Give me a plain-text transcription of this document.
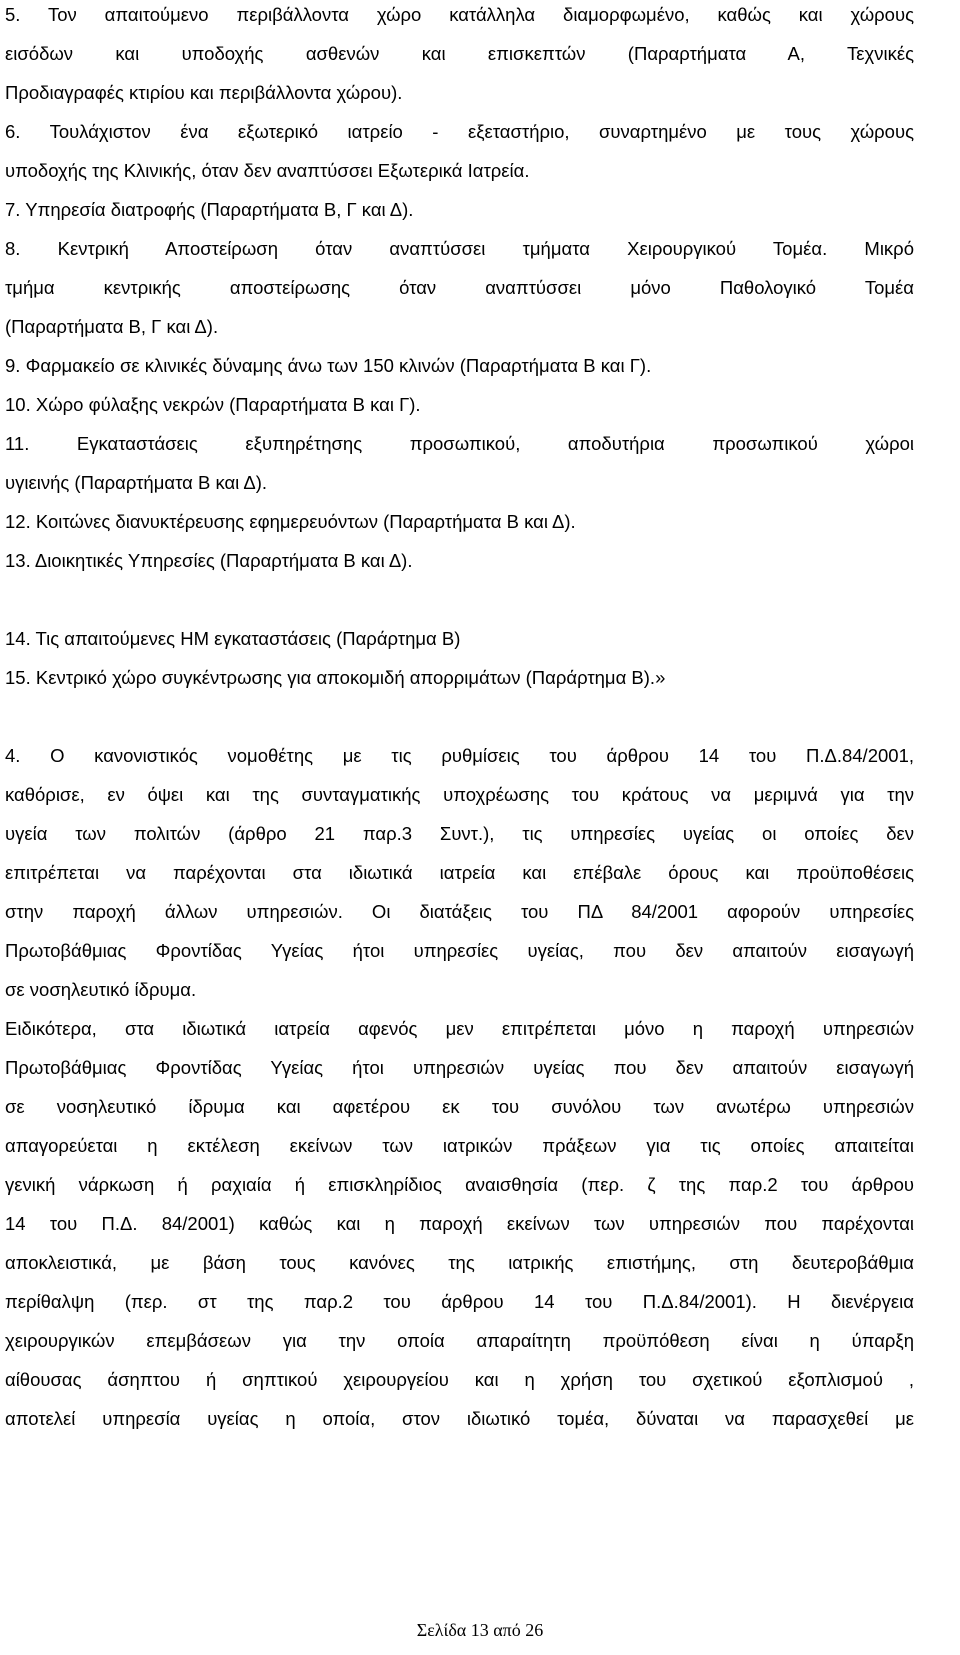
5. Τον απαιτούμενο περιβάλλοντα χώρο κατάλληλα διαμορφωμένο, καθώς και χώρους
εισόδων και υποδοχής ασθενών και επισκεπτών (Παραρτήματα Α, Τεχνικές
Προδιαγραφές κτιρίου και περιβάλλοντα χώρου).
6. Τουλάχιστον ένα εξωτερικό ιατρείο - εξεταστήριο, συναρτημένο με τους χώρους
υποδοχής της Κλινικής, όταν δεν αναπτύσσει Εξωτερικά Ιατρεία.
7. Υπηρεσία διατροφής (Παραρτήματα Β, Γ και Δ).
8. Κεντρική Αποστείρωση όταν αναπτύσσει τμήματα Χειρουργικού Τομέα. Μικρό
τμήμα κεντρικής αποστείρωσης όταν αναπτύσσει μόνο Παθολογικό Τομέα
(Παραρτήματα Β, Γ και Δ).
9. Φαρμακείο σε κλινικές δύναμης άνω των 150 κλινών (Παραρτήματα Β και Γ).
10. Χώρο φύλαξης νεκρών (Παραρτήματα Β και Γ).
11. Εγκαταστάσεις εξυπηρέτησης προσωπικού, αποδυτήρια προσωπικού χώροι
υγιεινής (Παραρτήματα Β και Δ).
12. Κοιτώνες διανυκτέρευσης εφημερευόντων (Παραρτήματα Β και Δ).
13. Διοικητικές Υπηρεσίες (Παραρτήματα Β και Δ).
14. Τις απαιτούμενες ΗΜ εγκαταστάσεις (Παράρτημα Β)
15. Κεντρικό χώρο συγκέντρωσης για αποκομιδή απορριμάτων (Παράρτημα Β).»
4. Ο κανονιστικός νομοθέτης με τις ρυθμίσεις του άρθρου 14 του Π.Δ.84/2001,
καθόρισε, εν όψει και της συνταγματικής υποχρέωσης του κράτους να μεριμνά για την
υγεία των πολιτών (άρθρο 21 παρ.3 Συντ.), τις υπηρεσίες υγείας οι οποίες δεν
επιτρέπεται να παρέχονται στα ιδιωτικά ιατρεία και επέβαλε όρους και προϋποθέσεις
στην παροχή άλλων υπηρεσιών. Οι διατάξεις του ΠΔ 84/2001 αφορούν υπηρεσίες
Πρωτοβάθμιας Φροντίδας Υγείας ήτοι υπηρεσίες υγείας, που δεν απαιτούν εισαγωγή
σε νοσηλευτικό ίδρυμα.
Ειδικότερα, στα ιδιωτικά ιατρεία αφενός μεν επιτρέπεται μόνο η παροχή υπηρεσιών
Πρωτοβάθμιας Φροντίδας Υγείας ήτοι υπηρεσιών υγείας που δεν απαιτούν εισαγωγή
σε νοσηλευτικό ίδρυμα και αφετέρου εκ του συνόλου των ανωτέρω υπηρεσιών
απαγορεύεται η εκτέλεση εκείνων των ιατρικών πράξεων για τις οποίες απαιτείται
γενική νάρκωση ή ραχιαία ή επισκληρίδιος αναισθησία (περ. ζ της παρ.2 του άρθρου
14 του Π.Δ. 84/2001) καθώς και η παροχή εκείνων των υπηρεσιών που παρέχονται
αποκλειστικά, με βάση τους κανόνες της ιατρικής επιστήμης, στη δευτεροβάθμια
περίθαλψη (περ. στ της παρ.2 του άρθρου 14 του Π.Δ.84/2001). Η διενέργεια
χειρουργικών επεμβάσεων για την οποία απαραίτητη προϋπόθεση είναι η ύπαρξη
αίθουσας άσηπτου ή σηπτικού χειρουργείου και η χρήση του σχετικού εξοπλισμού ,
αποτελεί υπηρεσία υγείας η οποία, στον ιδιωτικό τομέα, δύναται να παρασχεθεί με
Σελίδα 13 από 26
